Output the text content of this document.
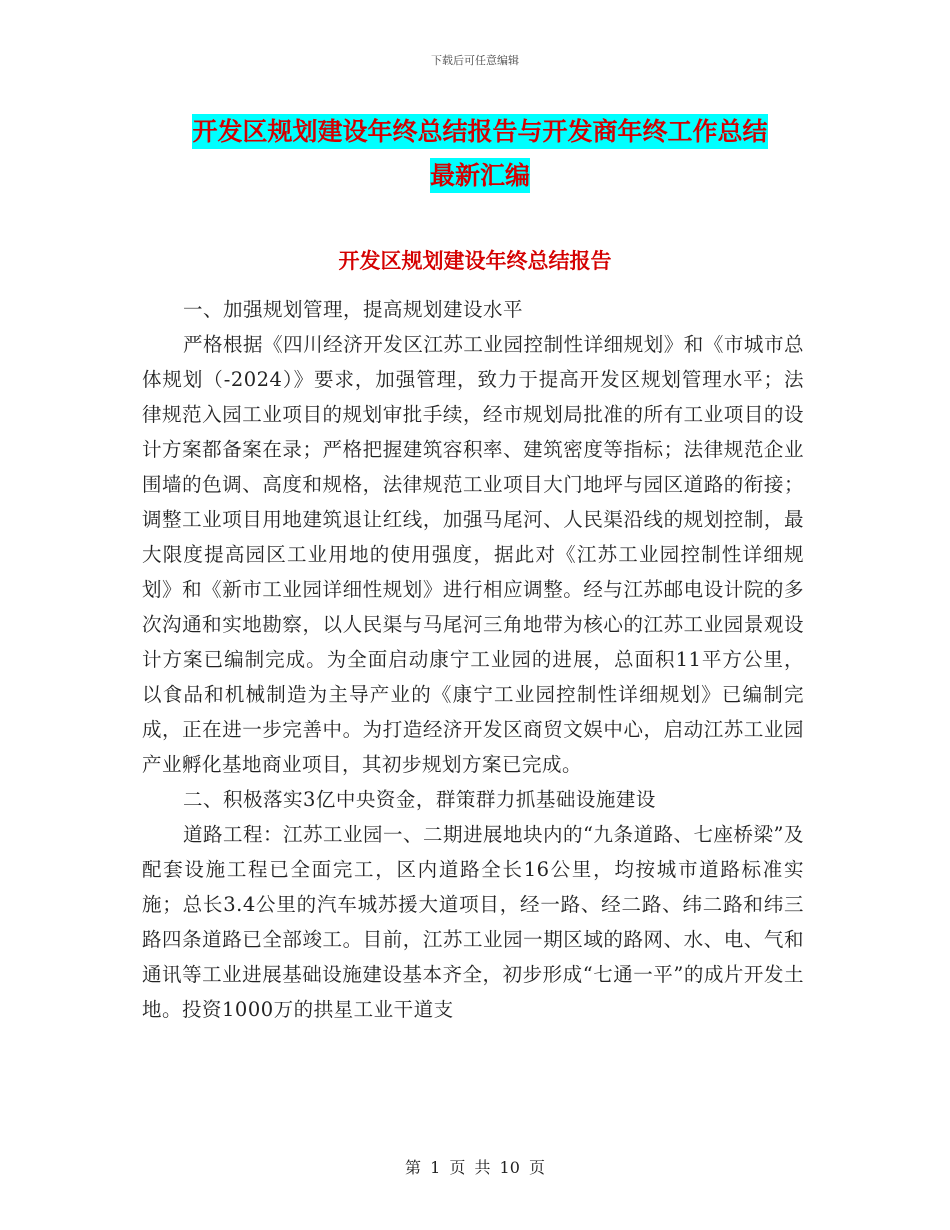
下载后可任意编辑
开发区规划建设年终总结报告与开发商年终工作总结
最新汇编
开发区规划建设年终总结报告

一、加强规划管理，提高规划建设水平

严格根据《四川经济开发区江苏工业园控制性详细规划》和《市城市总体规划（-2024）》要求，加强管理，致力于提高开发区规划管理水平；法律规范入园工业项目的规划审批手续，经市规划局批准的所有工业项目的设计方案都备案在录；严格把握建筑容积率、建筑密度等指标；法律规范企业围墙的色调、高度和规格，法律规范工业项目大门地坪与园区道路的衔接；调整工业项目用地建筑退让红线，加强马尾河、人民渠沿线的规划控制，最大限度提高园区工业用地的使用强度，据此对《江苏工业园控制性详细规划》和《新市工业园详细性规划》进行相应调整。经与江苏邮电设计院的多次沟通和实地勘察，以人民渠与马尾河三角地带为核心的江苏工业园景观设计方案已编制完成。为全面启动康宁工业园的进展，总面积11平方公里，以食品和机械制造为主导产业的《康宁工业园控制性详细规划》已编制完成，正在进一步完善中。为打造经济开发区商贸文娱中心，启动江苏工业园产业孵化基地商业项目，其初步规划方案已完成。

二、积极落实3亿中央资金，群策群力抓基础设施建设

道路工程：江苏工业园一、二期进展地块内的“九条道路、七座桥梁”及配套设施工程已全面完工，区内道路全长16公里，均按城市道路标准实施；总长3.4公里的汽车城苏援大道项目，经一路、经二路、纬二路和纬三路四条道路已全部竣工。目前，江苏工业园一期区域的路网、水、电、气和通讯等工业进展基础设施建设基本齐全，初步形成“七通一平”的成片开发土地。投资1000万的拱星工业干道支

第 1 页 共 10 页
